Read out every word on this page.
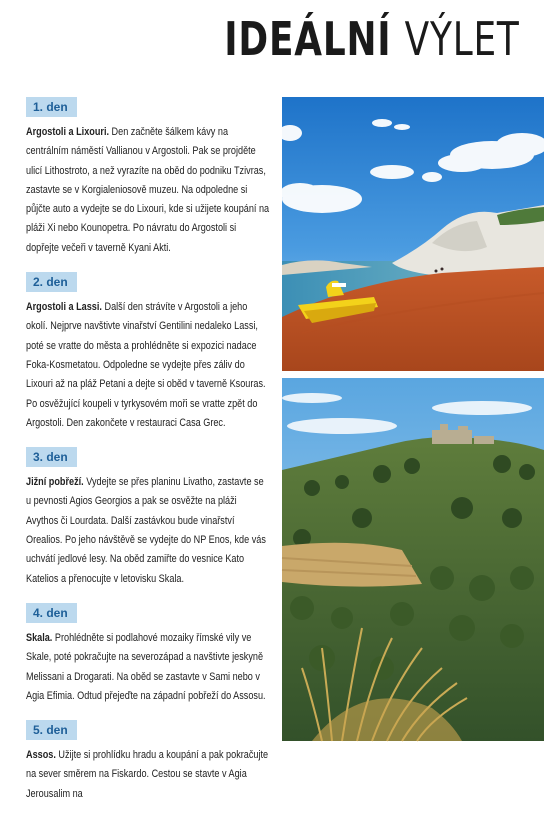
IDEÁLNÍ VÝLET
1. den

Argostoli a Lixouri. Den začněte šálkem kávy na centrálním náměstí Vallianou v Argostoli. Pak se projděte ulicí Lithostroto, a než vyrazíte na oběd do podniku Tzivras, zastavte se v Korgialeniosově muzeu. Na odpoledne si půjčte auto a vydejte se do Lixouri, kde si užijete koupání na pláži Xi nebo Kounopetra. Po návratu do Argostoli si dopřejte večeři v taverně Kyani Akti.

2. den

Argostoli a Lassi. Další den strávíte v Argostoli a jeho okolí. Nejprve navštivte vinařství Gentilini nedaleko Lassi, poté se vratte do města a prohlédněte si expozici nadace Foka-Kosmetatou. Odpoledne se vydejte přes záliv do Lixouri až na pláž Petani a dejte si oběd v taverně Ksouras. Po osvěžující koupeli v tyrkysovém moři se vratte zpět do Argostoli. Den zakončete v restauraci Casa Grec.

3. den

Jižní pobřeží. Vydejte se přes planinu Livatho, zastavte se u pevnosti Agios Georgios a pak se osvěžte na pláži Avythos či Lourdata. Další zastávkou bude vinařství Orealios. Po jeho návštěvě se vydejte do NP Enos, kde vás uchvátí jedlové lesy. Na oběd zamiřte do vesnice Kato Katelios a přenocujte v letovisku Skala.

4. den

Skala. Prohlédněte si podlahové mozaiky římské vily ve Skale, poté pokračujte na severozápad a navštivte jeskyně Melissani a Drogarati. Na oběd se zastavte v Sami nebo v Agia Efimia. Odtud přejeďte na západní pobřeží do Assosu.

5. den

Assos. Užijte si prohlídku hradu a koupání a pak pokračujte na sever směrem na Fiskardo. Cestou se stavte v Agia Jerousalim na
